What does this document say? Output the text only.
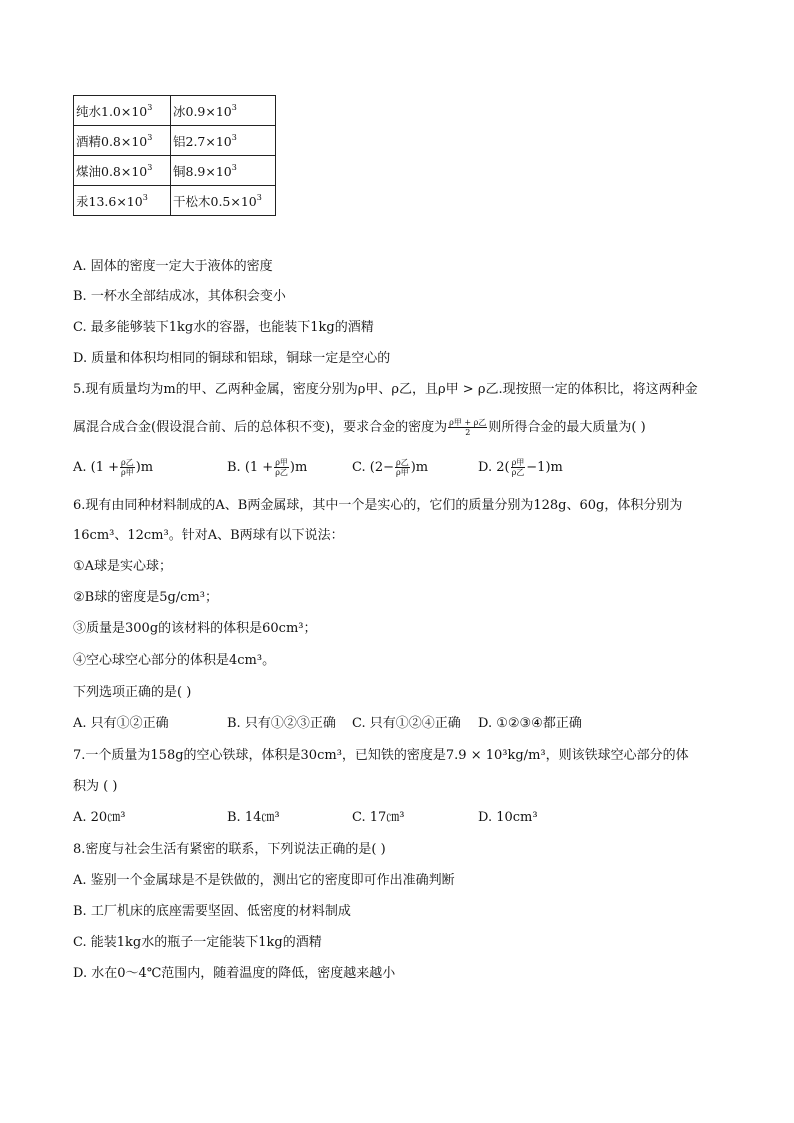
纯水$1.0\times 10^3$	冰$0.9\times 10^3$
酒精$0.8\times 10^3$	铝$2.7\times 10^3$
煤油$0.8\times 10^3$	铜$8.9\times 10^3$
汞$13.6\times 10^3$	干松木$0.5\times 10^3$
A. 固体的密度一定大于液体的密度
B. 一杯水全部结成冰，其体积会变小
C. 最多能够装下1kg水的容器，也能装下1kg的酒精
D. 质量和体积均相同的铜球和铝球，铜球一定是空心的
5.现有质量均为m的甲、乙两种金属，密度分别为ρ甲、ρ乙，且ρ甲 > ρ乙.现按照一定的体积比，将这两种金
属混合成合金(假设混合前、后的总体积不变)，要求合金的密度为 $\frac{\text{ρ甲 + ρ乙}}{2}$ 则所得合金的最大质量为( )
A. $(1 + \frac{\text{ρ乙}}{\text{ρ甲}} )m$	B. $(1 + \frac{\text{ρ甲}}{\text{ρ乙}} )m$	C. $(2- \frac{\text{ρ乙}}{\text{ρ甲}} )m$	D. $2( \frac{\text{ρ甲}}{\text{ρ乙}} -1)m$
6.现有由同种材料制成的A、B两金属球，其中一个是实心的，它们的质量分别为128g、60g，体积分别为
16cm³、12cm³。针对A、B两球有以下说法：
①A球是实心球；
②B球的密度是5g/cm³；
③质量是300g的该材料的体积是60cm³；
④空心球空心部分的体积是4cm³。
下列选项正确的是( )
A. 只有①②正确	B. 只有①②③正确 C. 只有①②④正确 D. ①②③④都正确
7.一个质量为158g的空心铁球，体积是30cm³，已知铁的密度是7.9 × 10³kg/m³，则该铁球空心部分的体
积为 ( )
A. 20㎝³	B. 14㎝³	C. 17㎝³	D. 10cm³
8.密度与社会生活有紧密的联系，下列说法正确的是( )
A. 鉴别一个金属球是不是铁做的，测出它的密度即可作出准确判断
B. 工厂机床的底座需要坚固、低密度的材料制成
C. 能装1kg水的瓶子一定能装下1kg的酒精
D. 水在0～4℃范围内，随着温度的降低，密度越来越小
